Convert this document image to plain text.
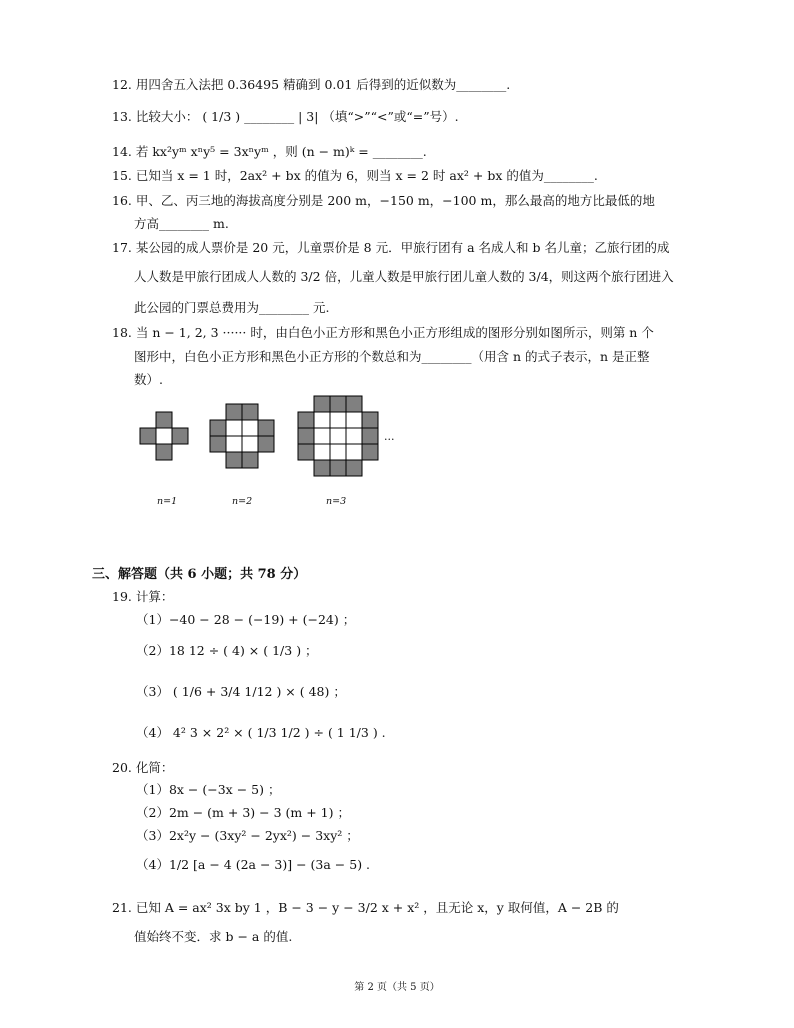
12. 用四舍五入法把 0.36495 精确到 0.01 后得到的近似数为________.
13. 比较大小： ( 1/3 ) ________ | 3| （填“>”“<”或“=”号）.
14. 若 kx²yᵐ xⁿy⁵ = 3xⁿyᵐ ，则 (n − m)ᵏ = ________.
15. 已知当 x = 1 时，2ax² + bx 的值为 6，则当 x = 2 时 ax² + bx 的值为________.
16. 甲、乙、丙三地的海拔高度分别是 200 m，−150 m，−100 m，那么最高的地方比最低的地
方高________ m.
17. 某公园的成人票价是 20 元，儿童票价是 8 元．甲旅行团有 a 名成人和 b 名儿童；乙旅行团的成
人人数是甲旅行团成人人数的 3/2 倍，儿童人数是甲旅行团儿童人数的 3/4，则这两个旅行团进入
此公园的门票总费用为________ 元.
18. 当 n − 1, 2, 3 ······ 时，由白色小正方形和黑色小正方形组成的图形分别如图所示，则第 n 个
图形中，白色小正方形和黑色小正方形的个数总和为________（用含 n 的式子表示，n 是正整
数）.
...
n=1	n=2	n=3
三、解答题（共 6 小题；共 78 分）
19. 计算：
（1）−40 − 28 − (−19) + (−24) ；
（2）18 12 ÷ ( 4) × ( 1/3 ) ；
（3） ( 1/6 + 3/4 1/12 ) × ( 48) ；
（4） 4² 3 × 2² × ( 1/3 1/2 ) ÷ ( 1 1/3 ) .
20. 化简：
（1）8x − (−3x − 5) ；
（2）2m − (m + 3) − 3 (m + 1) ；
（3）2x²y − (3xy² − 2yx²) − 3xy² ；
（4）1/2 [a − 4 (2a − 3)] − (3a − 5) .
21. 已知 A = ax² 3x by 1 ，B − 3 − y − 3/2 x + x² ，且无论 x，y 取何值，A − 2B 的
值始终不变．求 b − a 的值.
第 2 页（共 5 页）
